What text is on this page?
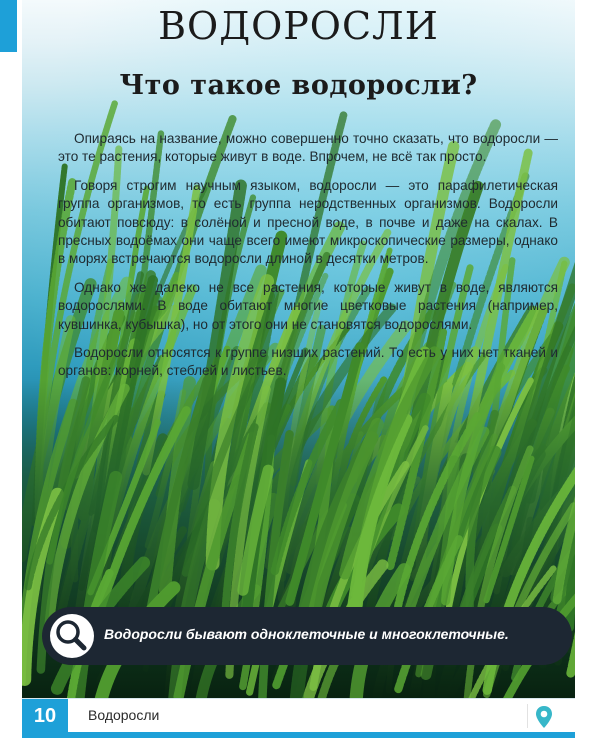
ВОДОРОСЛИ
Что такое водоросли?

Опираясь на название, можно совершенно точно сказать, что водоросли — это те растения, которые живут в воде. Впрочем, не всё так просто.

Говоря строгим научным языком, водоросли — это парафилетическая группа организмов, то есть группа неродственных организмов. Водоросли обитают повсюду: в солёной и пресной воде, в почве и даже на скалах. В пресных водоёмах они чаще всего имеют микроскопические размеры, однако в морях встречаются водоросли длиной в десятки метров.

Однако же далеко не все растения, которые живут в воде, являются водорослями. В воде обитают многие цветковые растения (например, кувшинка, кубышка), но от этого они не становятся водорослями.

Водоросли относятся к группе низших растений. То есть у них нет тканей и органов: корней, стеблей и листьев.

Водоросли бывают одноклеточные и многоклеточные.
10	Водоросли
